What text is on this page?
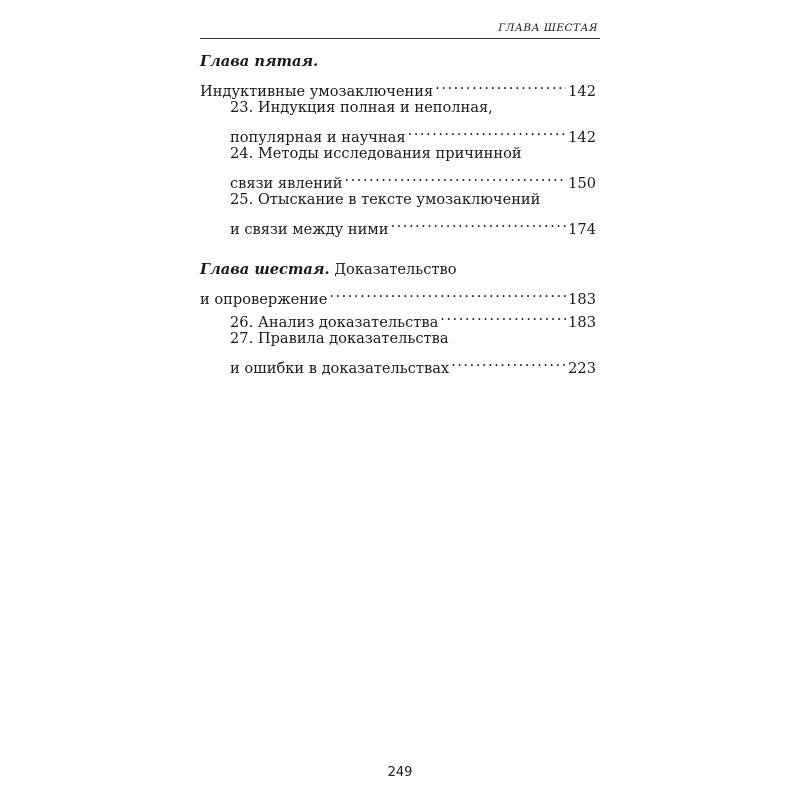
ГЛАВА ШЕСТАЯ
Глава пятая.
Индуктивные умозаключения .....	142
23. Индукция полная и неполная,
популярная и научная .....	142
24. Методы исследования причинной
связи явлений .....	150
25. Отыскание в тексте умозаключений
и связи между ними .....	174
Глава шестая.
Доказательство
и опровержение .....	183
26. Анализ доказательства .....	183
27. Правила доказательства
и ошибки в доказательствах .....	223
249
